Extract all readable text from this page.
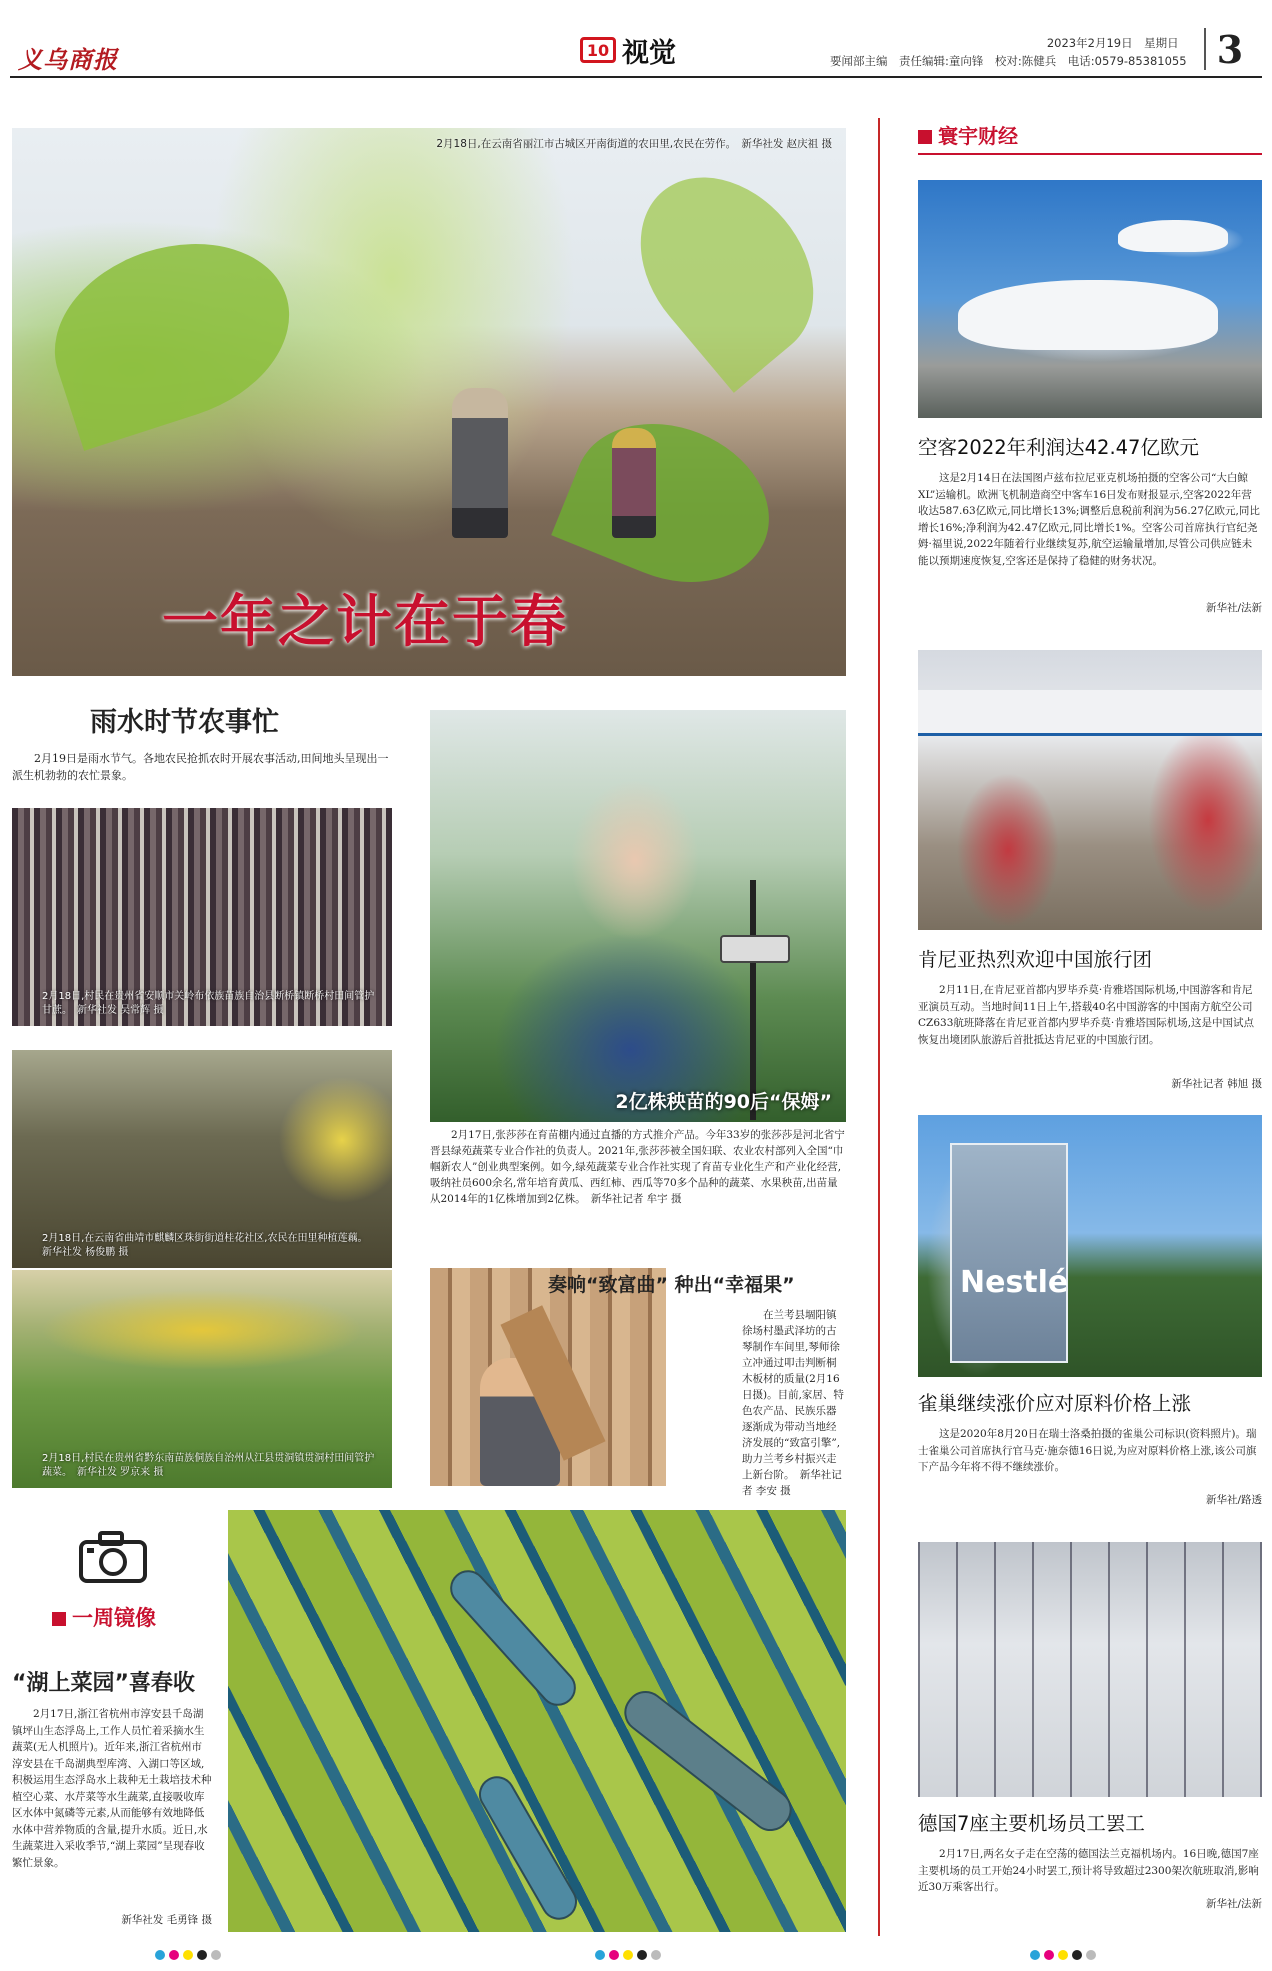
义乌商报	10 视觉	2023年2月19日　星期日
要闻部主编　责任编辑:童向锋　校对:陈健兵　电话:0579-85381055 3
2月18日,在云南省丽江市古城区开南街道的农田里,农民在劳作。　新华社发 赵庆祖 摄
一年之计在于春
雨水时节农事忙
2月19日是雨水节气。各地农民抢抓农时开展农事活动,田间地头呈现出一派生机勃勃的农忙景象。
2月18日,村民在贵州省安顺市关岭布依族苗族自治县断桥镇断桥村田间管护甘蔗。　新华社发 吴常辉 摄
2月18日,在云南省曲靖市麒麟区珠街街道桂花社区,农民在田里种植莲藕。　新华社发 杨俊鹏 摄
2月18日,村民在贵州省黔东南苗族侗族自治州从江县贯洞镇贯洞村田间管护蔬菜。　新华社发 罗京来 摄
2亿株秧苗的90后“保姆”
2月17日,张莎莎在育苗棚内通过直播的方式推介产品。今年33岁的张莎莎是河北省宁晋县绿苑蔬菜专业合作社的负责人。2021年,张莎莎被全国妇联、农业农村部列入全国“巾帼新农人”创业典型案例。如今,绿苑蔬菜专业合作社实现了育苗专业化生产和产业化经营,吸纳社员600余名,常年培育黄瓜、西红柿、西瓜等70多个品种的蔬菜、水果秧苗,出苗量从2014年的1亿株增加到2亿株。　新华社记者 牟宇 摄
奏响“致富曲” 种出“幸福果”
在兰考县堌阳镇徐场村墨武泽坊的古琴制作车间里,琴师徐立冲通过叩击判断桐木板材的质量(2月16日摄)。目前,家居、特色农产品、民族乐器逐渐成为带动当地经济发展的“致富引擎”,助力兰考乡村振兴走上新台阶。　新华社记者 李安 摄
一周镜像
“湖上菜园”喜春收
2月17日,浙江省杭州市淳安县千岛湖镇坪山生态浮岛上,工作人员忙着采摘水生蔬菜(无人机照片)。近年来,浙江省杭州市淳安县在千岛湖典型库湾、入湖口等区域,积极运用生态浮岛水上栽种无土栽培技术种植空心菜、水芹菜等水生蔬菜,直接吸收库区水体中氮磷等元素,从而能够有效地降低水体中营养物质的含量,提升水质。近日,水生蔬菜进入采收季节,“湖上菜园”呈现春收繁忙景象。
新华社发 毛勇锋 摄
寰宇财经
空客2022年利润达42.47亿欧元
这是2月14日在法国图卢兹布拉尼亚克机场拍摄的空客公司“大白鲸XL”运输机。欧洲飞机制造商空中客车16日发布财报显示,空客2022年营收达587.63亿欧元,同比增长13%;调整后息税前利润为56.27亿欧元,同比增长16%;净利润为42.47亿欧元,同比增长1%。空客公司首席执行官纪尧姆·福里说,2022年随着行业继续复苏,航空运输量增加,尽管公司供应链未能以预期速度恢复,空客还是保持了稳健的财务状况。
新华社/法新
肯尼亚热烈欢迎中国旅行团
2月11日,在肯尼亚首都内罗毕乔莫·肯雅塔国际机场,中国游客和肯尼亚演员互动。当地时间11日上午,搭载40名中国游客的中国南方航空公司CZ633航班降落在肯尼亚首都内罗毕乔莫·肯雅塔国际机场,这是中国试点恢复出境团队旅游后首批抵达肯尼亚的中国旅行团。
新华社记者 韩旭 摄
Nestlé
雀巢继续涨价应对原料价格上涨
这是2020年8月20日在瑞士洛桑拍摄的雀巢公司标识(资料照片)。瑞士雀巢公司首席执行官马克·施奈德16日说,为应对原料价格上涨,该公司旗下产品今年将不得不继续涨价。
新华社/路透
德国7座主要机场员工罢工
2月17日,两名女子走在空荡的德国法兰克福机场内。16日晚,德国7座主要机场的员工开始24小时罢工,预计将导致超过2300架次航班取消,影响近30万乘客出行。
新华社/法新
